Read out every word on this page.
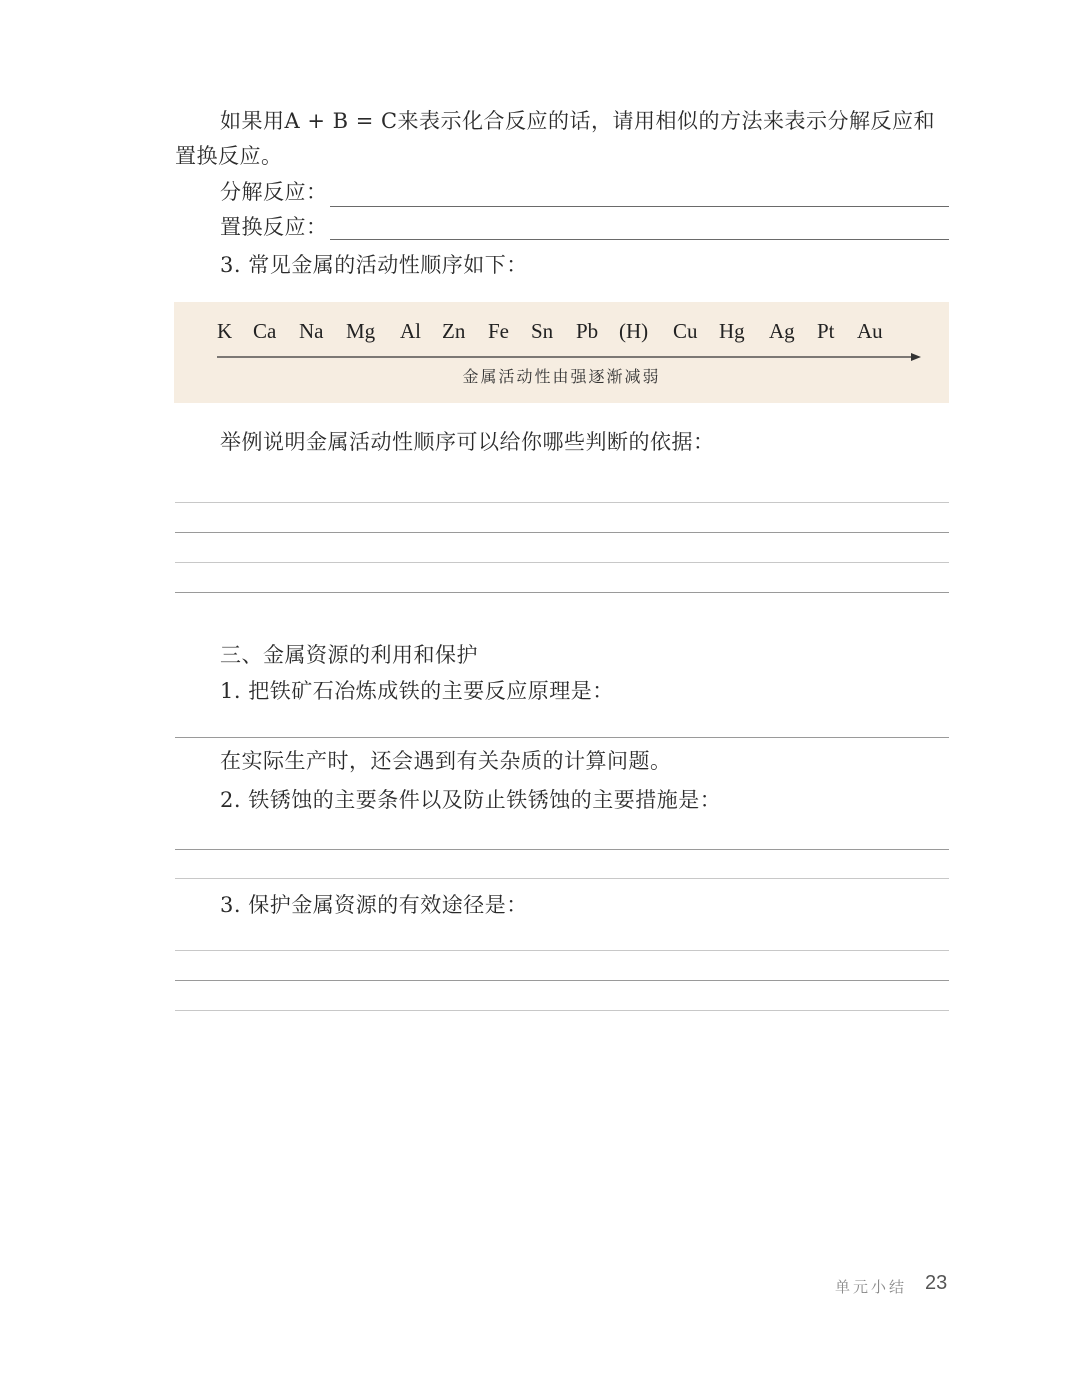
如果用A + B = C来表示化合反应的话，请用相似的方法来表示分解反应和
置换反应。
分解反应：
置换反应：
3. 常见金属的活动性顺序如下：
K Ca Na Mg Al Zn Fe Sn Pb (H) Cu Hg Ag Pt Au
金属活动性由强逐渐减弱
举例说明金属活动性顺序可以给你哪些判断的依据：
三、金属资源的利用和保护
1. 把铁矿石冶炼成铁的主要反应原理是：
在实际生产时，还会遇到有关杂质的计算问题。
2. 铁锈蚀的主要条件以及防止铁锈蚀的主要措施是：
3. 保护金属资源的有效途径是：
单元小结 23
